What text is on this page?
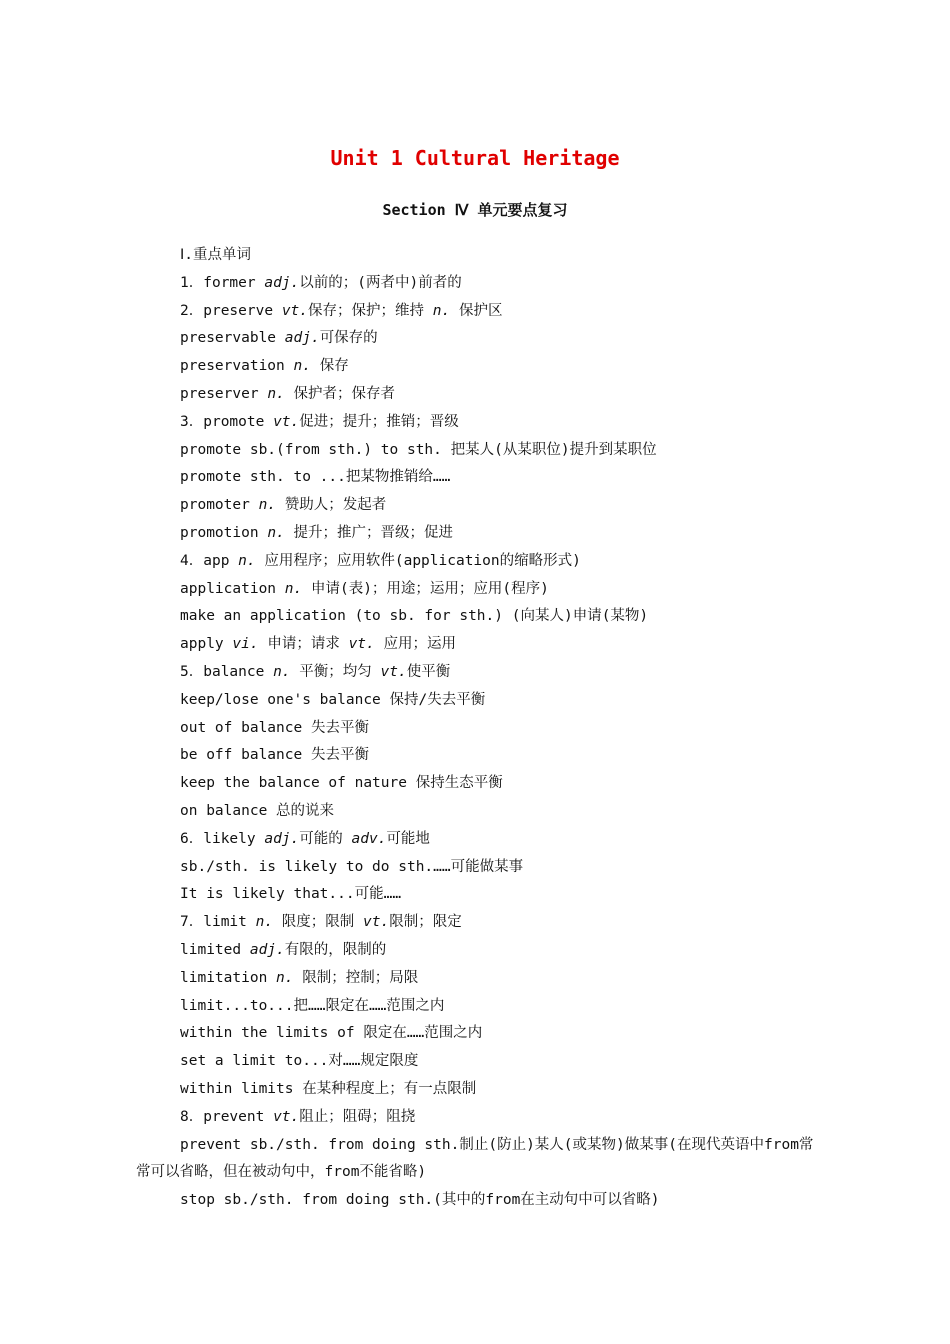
Unit 1 Cultural Heritage
Section Ⅳ 单元要点复习
Ⅰ.重点单词
1．former adj.以前的；(两者中)前者的
2．preserve vt.保存；保护；维持 n. 保护区
preservable adj.可保存的
preservation n. 保存
preserver n. 保护者；保存者
3．promote vt.促进；提升；推销；晋级
promote sb.(from sth.) to sth. 把某人(从某职位)提升到某职位
promote sth. to ...把某物推销给……
promoter n. 赞助人；发起者
promotion n. 提升；推广；晋级；促进
4．app n. 应用程序；应用软件(application的缩略形式)
application n. 申请(表)；用途；运用；应用(程序)
make an application (to sb. for sth.) (向某人)申请(某物)
apply vi. 申请；请求 vt. 应用；运用
5．balance n. 平衡；均匀 vt.使平衡
keep/lose one's balance 保持/失去平衡
out of balance 失去平衡
be off balance 失去平衡
keep the balance of nature 保持生态平衡
on balance 总的说来
6．likely adj.可能的 adv.可能地
sb./sth. is likely to do sth.……可能做某事
It is likely that...可能……
7．limit n. 限度；限制 vt.限制；限定
limited adj.有限的，限制的
limitation n. 限制；控制；局限
limit...to...把……限定在……范围之内
within the limits of 限定在……范围之内
set a limit to...对……规定限度
within limits 在某种程度上；有一点限制
8．prevent vt.阻止；阻碍；阻挠
prevent sb./sth. from doing sth.制止(防止)某人(或某物)做某事(在现代英语中from常常可以省略，但在被动句中，from不能省略)
stop sb./sth. from doing sth.(其中的from在主动句中可以省略)
